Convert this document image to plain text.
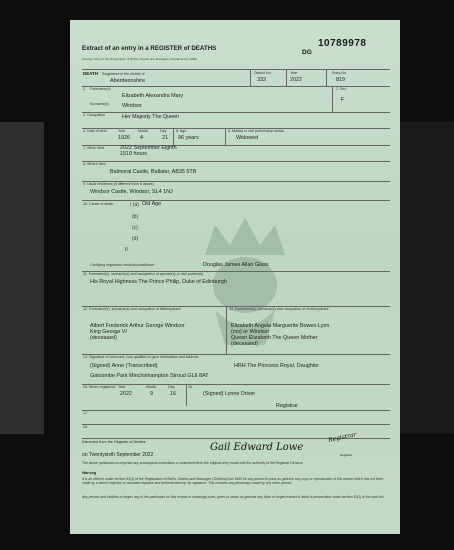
Extract of an entry in a REGISTER of DEATHS
(Section 37(2) of the Registration of Births, Deaths and Marriages (Scotland) Act 1965)
DG
10789978
DEATH Registered in the district of
Aberdeenshire
District No.
332
Year
2022
Entry No.
819
1. Forename(s)
Elizabeth Alexandra Mary
Surname(s) Windsor
2. Sex
F
3. Occupation	Her Majesty The Queen
4. Date of birth	Year	Month	Day
1926 4	21
5. Age
96 years
6. Marital or civil partnership status
Widowed
7. When died	2022 September Eighth
1510 hours
8. Where died
Balmoral Castle, Ballater, AB35 5TB
9. Usual residence (if different from 8 above)
Windsor Castle, Windsor, SL4 1NJ
10. Cause of death	I (a) Old Age
(b)
(c)
(d)
II
Certifying registered medical practitioner	Douglas James Allan Glass
11. Forename(s), surname(s) and occupation of spouse(s) or civil partner(s)
His Royal Highness The Prince Philip, Duke of Edinburgh
12. Forename(s), surname(s) and occupation of father/parent	13. Forename(s), surname(s) and occupation of mother/parent
Albert Frederick Arthur George Windsor
King George VI
(deceased)
Elizabeth Angela Marguerite Bowes-Lyon
(ms) or Windsor
Queen Elizabeth The Queen Mother
(deceased)
14. Signature of informant, how qualified to give information and address
(Signed) Anne (Transcribed)	HRH The Princess Royal, Daughter
Gatcombe Park Minchinhampton Stroud GL6 8AT
15. When registered Year	Month	Day
2022	9	16
16.
(Signed) Lynne Driver
Registrar
17.
18.
Extracted from the Register of Deaths
on Twentysixth September 2022
Gail Edward Lowe
Registrar
Registrar
The above particulars incorporate any subsequent corrections or amendments to the original entry made with the authority of the Registrar General.
Warning
It is an offence under section 53(3) of the Registration of Births, Deaths and Marriages (Scotland) Act 1965 for any person to pass as genuine any copy or reproduction of this extract which has not been made by a district registrar or assistant registrar and authenticated by his signature. This includes any photocopy made by any other person.
Any person who falsifies or forges any of the particulars on this extract or knowingly uses, gives or sends as genuine any false or forged extract is liable to prosecution under section 53(1) of the said Act.
